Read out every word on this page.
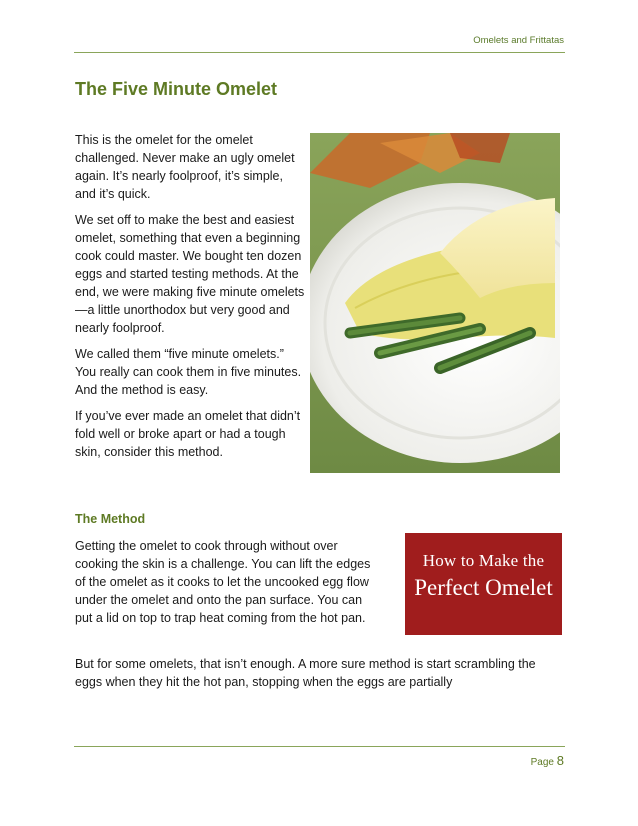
Omelets and Frittatas
The Five Minute Omelet

This is the omelet for the omelet challenged. Never make an ugly omelet again. It’s nearly foolproof, it’s simple, and it’s quick.

We set off to make the best and easiest omelet, something that even a beginning cook could master. We bought ten dozen eggs and started testing methods. At the end, we were making five minute omelets—a little unorthodox but very good and nearly foolproof.

We called them “five minute omelets.” You really can cook them in five minutes. And the method is easy.

If you’ve ever made an omelet that didn’t fold well or broke apart or had a tough skin, consider this method.

The Method

Getting the omelet to cook through without over cooking the skin is a challenge. You can lift the edges of the omelet as it cooks to let the uncooked egg flow under the omelet and onto the pan surface. You can put a lid on top to trap heat coming from the hot pan.

How to Make the
Perfect Omelet

But for some omelets, that isn’t enough. A more sure method is start scrambling the eggs when they hit the hot pan, stopping when the eggs are partially

Page 8
